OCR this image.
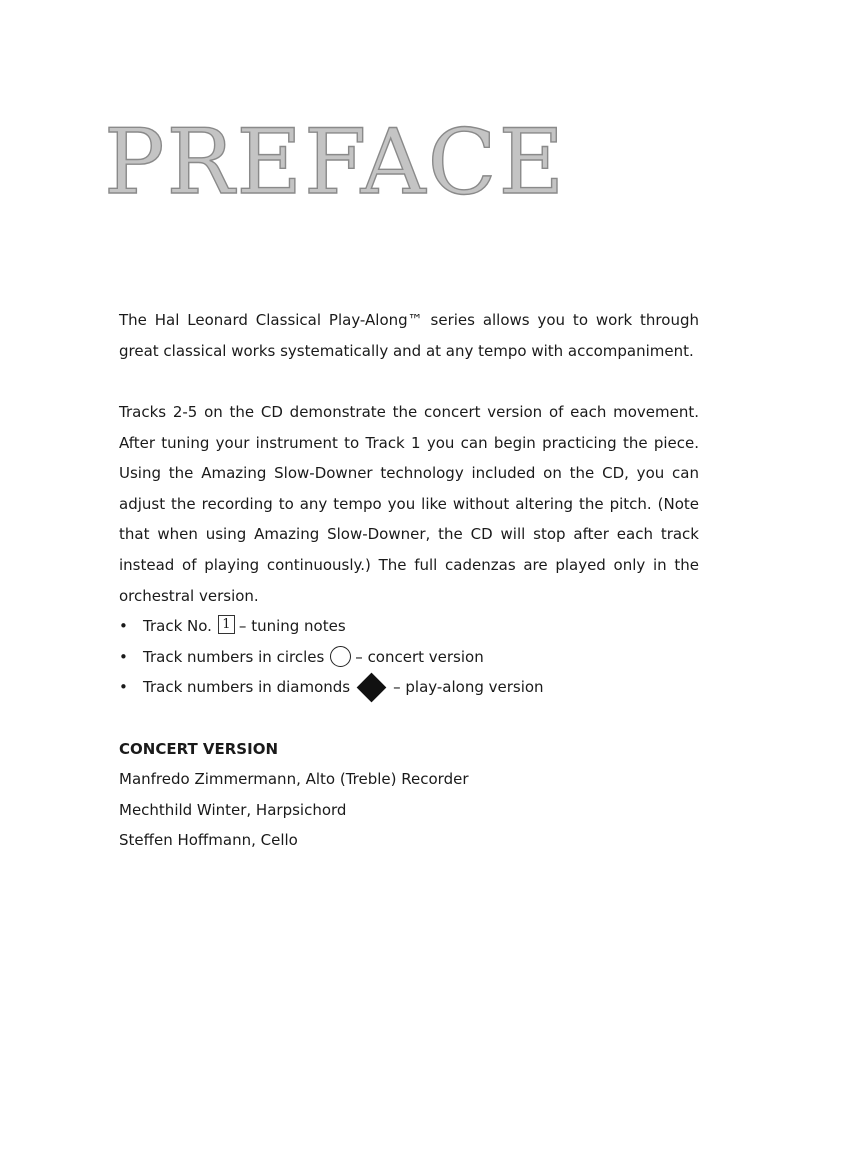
PREFACE
The Hal Leonard Classical Play-Along™ series allows you to work through great classical works systematically and at any tempo with accompaniment.
Tracks 2-5 on the CD demonstrate the concert version of each movement. After tuning your instrument to Track 1 you can begin practicing the piece. Using the Amazing Slow-Downer technology included on the CD, you can adjust the recording to any tempo you like without altering the pitch. (Note that when using Amazing Slow-Downer, the CD will stop after each track instead of playing continuously.) The full cadenzas are played only in the orchestral version.
• Track No. 1 – tuning notes
• Track numbers in circles – concert version
• Track numbers in diamonds	– play-along version
CONCERT VERSION
Manfredo Zimmermann, Alto (Treble) Recorder
Mechthild Winter, Harpsichord
Steffen Hoffmann, Cello
